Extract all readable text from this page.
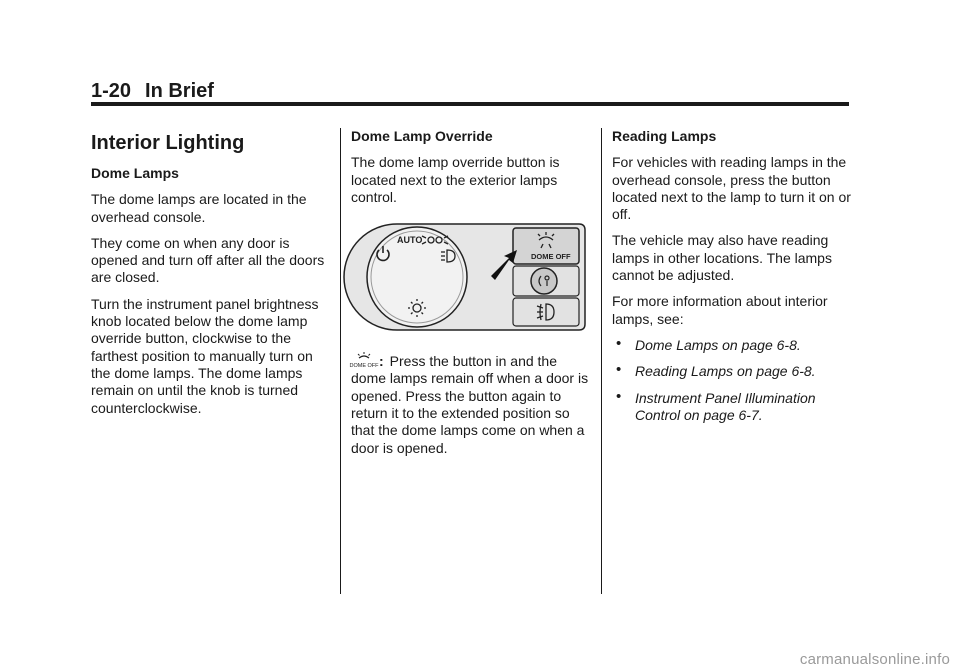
1-20 In Brief
Interior Lighting

Dome Lamps

The dome lamps are located in the overhead console.

They come on when any door is opened and turn off after all the doors are closed.

Turn the instrument panel brightness knob located below the dome lamp override button, clockwise to the farthest position to manually turn on the dome lamps. The dome lamps remain on until the knob is turned counterclockwise.

Dome Lamp Override

The dome lamp override button is located next to the exterior lamps control.

AUTO
DOME OFF

DOME OFF : Press the button in and the dome lamps remain off when a door is opened. Press the button again to return it to the extended position so that the dome lamps come on when a door is opened.

Reading Lamps

For vehicles with reading lamps in the overhead console, press the button located next to the lamp to turn it on or off.

The vehicle may also have reading lamps in other locations. The lamps cannot be adjusted.

For more information about interior lamps, see:

• Dome Lamps on page 6-8.
• Reading Lamps on page 6-8.
• Instrument Panel Illumination Control on page 6-7.
carmanualsonline.info
